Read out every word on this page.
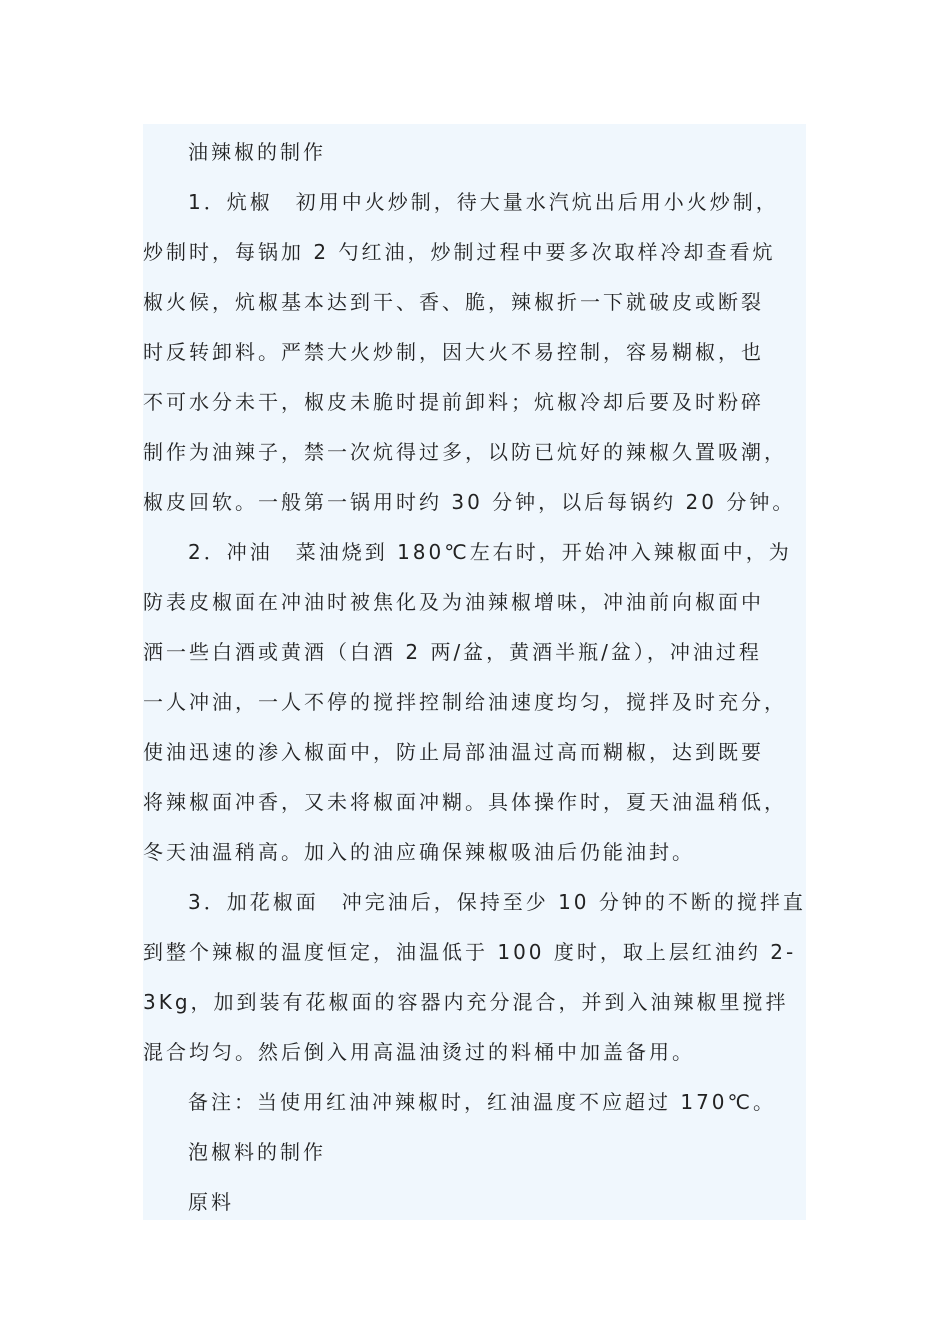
油辣椒的制作
1．炕椒　初用中火炒制，待大量水汽炕出后用小火炒制，
炒制时，每锅加 2 勺红油，炒制过程中要多次取样冷却查看炕
椒火候，炕椒基本达到干、香、脆，辣椒折一下就破皮或断裂
时反转卸料。严禁大火炒制，因大火不易控制，容易糊椒，也
不可水分未干，椒皮未脆时提前卸料；炕椒冷却后要及时粉碎
制作为油辣子，禁一次炕得过多，以防已炕好的辣椒久置吸潮，
椒皮回软。一般第一锅用时约 30 分钟，以后每锅约 20 分钟。
2．冲油　菜油烧到 180℃左右时，开始冲入辣椒面中，为
防表皮椒面在冲油时被焦化及为油辣椒增味，冲油前向椒面中
洒一些白酒或黄酒（白酒 2 两/盆，黄酒半瓶/盆），冲油过程
一人冲油，一人不停的搅拌控制给油速度均匀，搅拌及时充分，
使油迅速的渗入椒面中，防止局部油温过高而糊椒，达到既要
将辣椒面冲香，又未将椒面冲糊。具体操作时，夏天油温稍低，
冬天油温稍高。加入的油应确保辣椒吸油后仍能油封。
3．加花椒面　冲完油后，保持至少 10 分钟的不断的搅拌直
到整个辣椒的温度恒定，油温低于 100 度时，取上层红油约 2-
3Kg，加到装有花椒面的容器内充分混合，并到入油辣椒里搅拌
混合均匀。然后倒入用高温油烫过的料桶中加盖备用。
备注：当使用红油冲辣椒时，红油温度不应超过 170℃。
泡椒料的制作
原料
